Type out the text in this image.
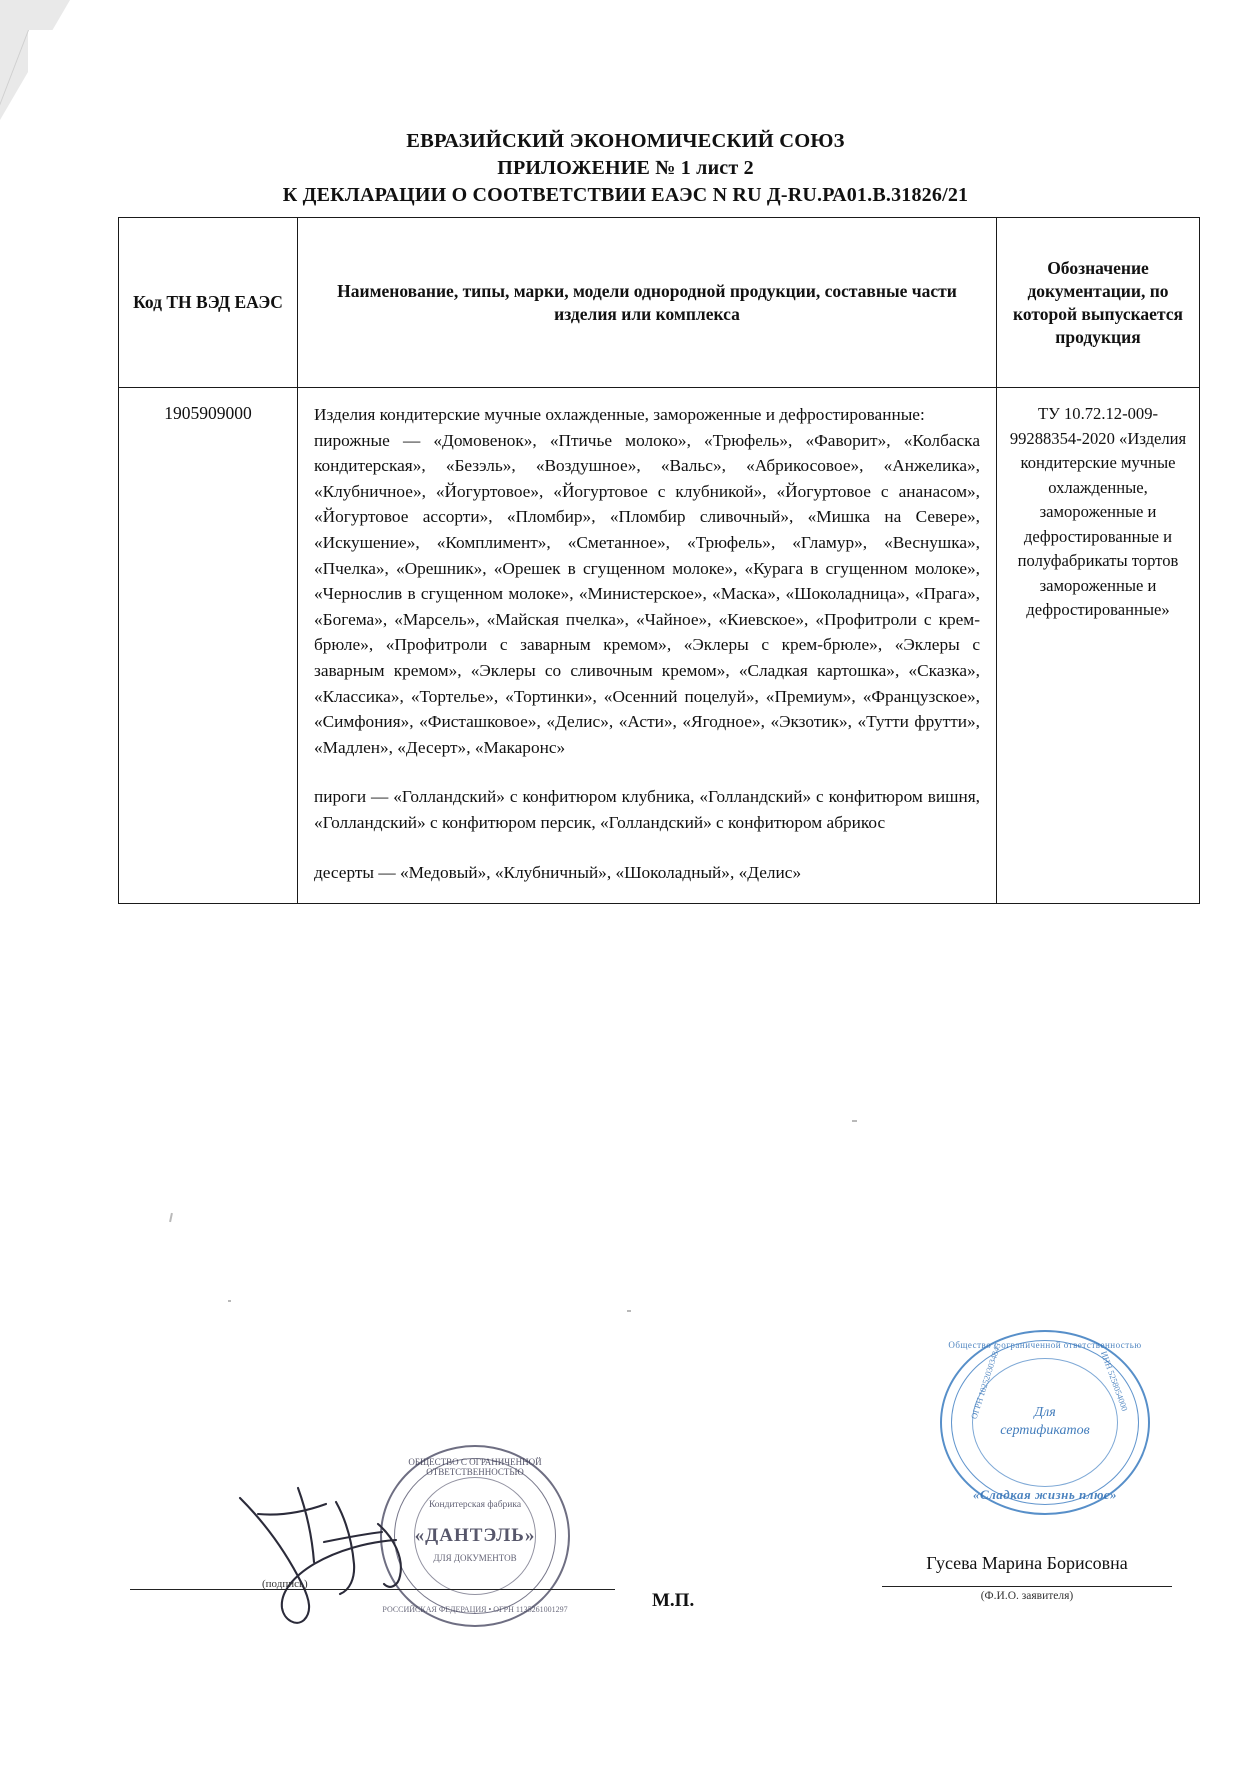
ЕВРАЗИЙСКИЙ ЭКОНОМИЧЕСКИЙ СОЮЗ
ПРИЛОЖЕНИЕ № 1 лист 2
К ДЕКЛАРАЦИИ О СООТВЕТСТВИИ ЕАЭС N RU Д-RU.РА01.В.31826/21
Код ТН ВЭД ЕАЭС	Наименование, типы, марки, модели однородной продукции, составные части изделия или комплекса	Обозначение документации, по которой выпускается продукция
1905909000	Изделия кондитерские мучные охлажденные, замороженные и дефростированные:

пирожные — «Домовенок», «Птичье молоко», «Трюфель», «Фаворит», «Колбаска кондитерская», «Безэль», «Воздушное», «Вальс», «Абрикосовое», «Анжелика», «Клубничное», «Йогуртовое», «Йогуртовое с клубникой», «Йогуртовое с ананасом», «Йогуртовое ассорти», «Пломбир», «Пломбир сливочный», «Мишка на Севере», «Искушение», «Комплимент», «Сметанное», «Трюфель», «Гламур», «Веснушка», «Пчелка», «Орешник», «Орешек в сгущенном молоке», «Курага в сгущенном молоке», «Чернослив в сгущенном молоке», «Министерское», «Маска», «Шоколадница», «Прага», «Богема», «Марсель», «Майская пчелка», «Чайное», «Киевское», «Профитроли с крем-брюле», «Профитроли с заварным кремом», «Эклеры с крем-брюле», «Эклеры с заварным кремом», «Эклеры со сливочным кремом», «Сладкая картошка», «Сказка», «Классика», «Тортелье», «Тортинки», «Осенний поцелуй», «Премиум», «Французское», «Симфония», «Фисташковое», «Делис», «Асти», «Ягодное», «Экзотик», «Тутти фрутти», «Мадлен», «Десерт», «Макаронс»

пироги — «Голландский» с конфитюром клубника, «Голландский» с конфитюром вишня, «Голландский» с конфитюром персик, «Голландский» с конфитюром абрикос

десерты — «Медовый», «Клубничный», «Шоколадный», «Делис»	ТУ 10.72.12-009-99288354-2020 «Изделия кондитерские мучные охлажденные, замороженные и дефростированные и полуфабрикаты тортов замороженные и дефростированные»
Общество с ограниченной ответственностью
ОГРН 1025203034845	ИНН 5258054000
Для
сертификатов
«Сладкая жизнь плюс»
ОБЩЕСТВО С ОГРАНИЧЕННОЙ ОТВЕТСТВЕННОСТЬЮ
Кондитерская фабрика
«ДАНТЭЛЬ»
ДЛЯ ДОКУМЕНТОВ
РОССИЙСКАЯ ФЕДЕРАЦИЯ • ОГРН 1135261001297
(подпись)
М.П.
Гусева Марина Борисовна
(Ф.И.О. заявителя)
